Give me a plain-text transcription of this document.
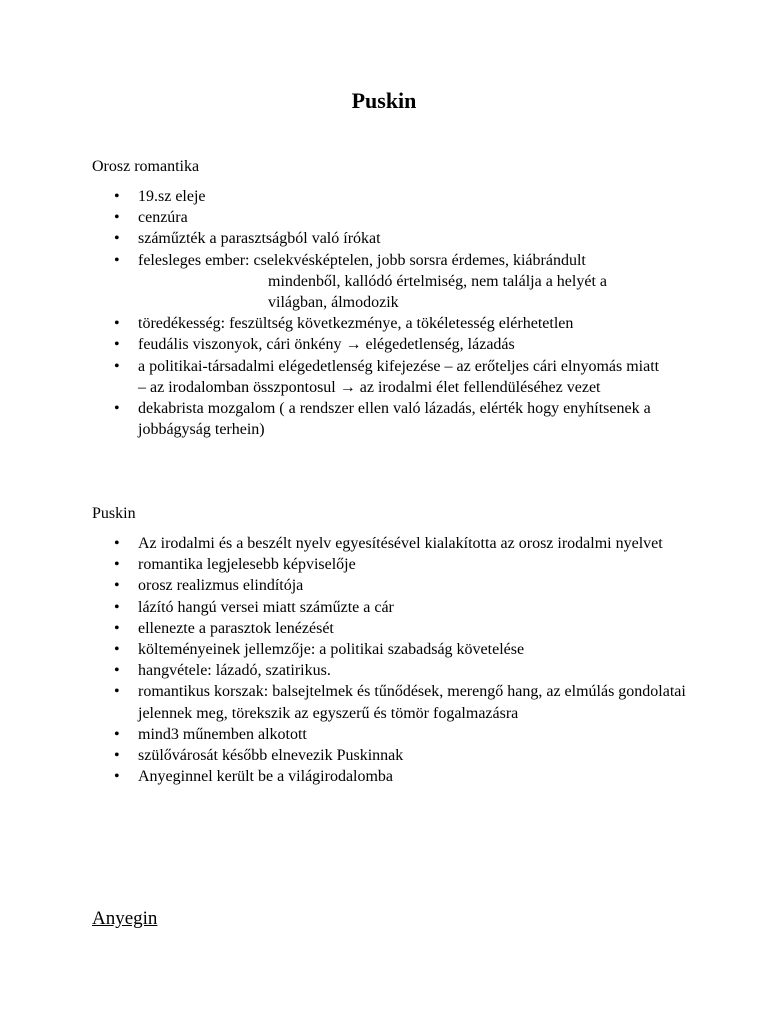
Puskin
Orosz romantika
• 19.sz eleje
• cenzúra
• száműzték a parasztságból való írókat
• felesleges ember: cselekvésképtelen, jobb sorsra érdemes, kiábrándult
mindenből, kallódó értelmiség, nem találja a helyét a
világban, álmodozik
• töredékesség: feszültség következménye, a tökéletesség elérhetetlen
• feudális viszonyok, cári önkény → elégedetlenség, lázadás
• a politikai-társadalmi elégedetlenség kifejezése – az erőteljes cári elnyomás miatt – az irodalomban összpontosul → az irodalmi élet fellendüléséhez vezet
• dekabrista mozgalom ( a rendszer ellen való lázadás, elérték hogy enyhítsenek a jobbágyság terhein)
Puskin
• Az irodalmi és a beszélt nyelv egyesítésével kialakította az orosz irodalmi nyelvet
• romantika legjelesebb képviselője
• orosz realizmus elindítója
• lázító hangú versei miatt száműzte a cár
• ellenezte a parasztok lenézését
• költeményeinek jellemzője: a politikai szabadság követelése
• hangvétele: lázadó, szatirikus.
• romantikus korszak: balsejtelmek és tűnődések, merengő hang, az elmúlás gondolatai jelennek meg, törekszik az egyszerű és tömör fogalmazásra
• mind3 műnemben alkotott
• szülővárosát később elnevezik Puskinnak
• Anyeginnel került be a világirodalomba
Anyegin
